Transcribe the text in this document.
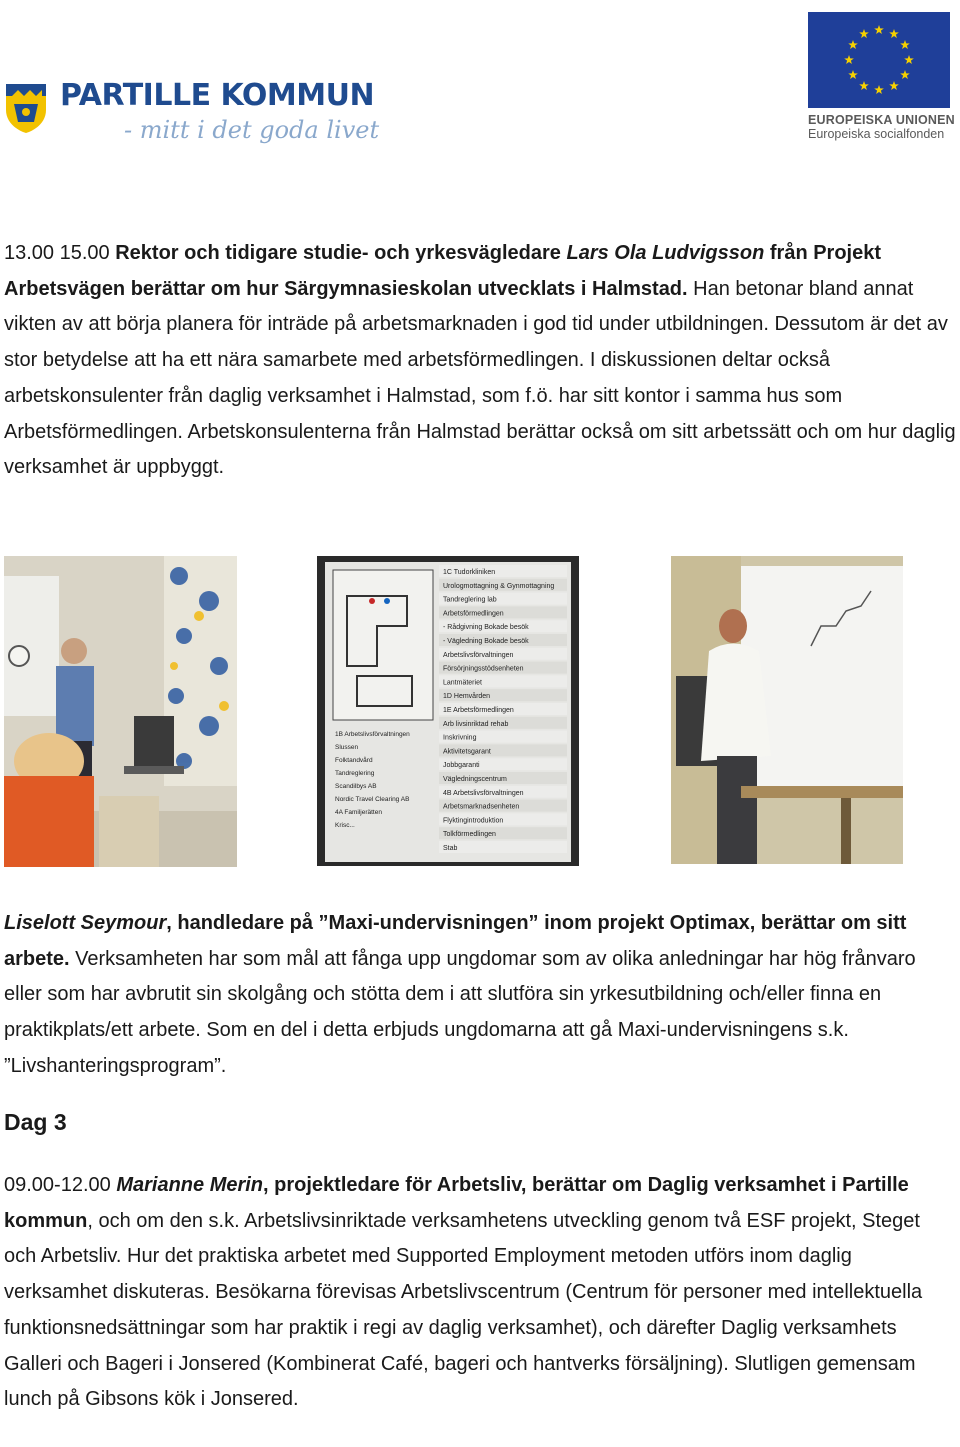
PARTILLE KOMMUN
- mitt i det goda livet	EUROPEISKA UNIONEN
Europeiska socialfonden
13.00 15.00 Rektor och tidigare studie- och yrkesvägledare Lars Ola Ludvigsson från Projekt Arbetsvägen berättar om hur Särgymnasieskolan utvecklats i Halmstad. Han betonar bland annat vikten av att börja planera för inträde på arbetsmarknaden i god tid under utbildningen. Dessutom är det av stor betydelse att ha ett nära samarbete med arbetsförmedlingen. I diskussionen deltar också arbetskonsulenter från daglig verksamhet i Halmstad, som f.ö. har sitt kontor i samma hus som Arbetsförmedlingen. Arbetskonsulenterna från Halmstad berättar också om sitt arbetssätt och om hur daglig verksamhet är uppbyggt.
1C Tudorkliniken
Urologmottagning & Gynmottagning
Tandreglering lab
Arbetsförmedlingen
- Rådgivning Bokade besök
- Vägledning Bokade besök
Arbetslivsförvaltningen
Försörjningsstödsenheten
Lantmäteriet
1D Hemvården
1E Arbetsförmedlingen
Arb livsinriktad rehab
Inskrivning
Aktivitetsgarant
Jobbgaranti
Vägledningscentrum
4B Arbetslivsförvaltningen
Arbetsmarknadsenheten
Flyktingintroduktion
Tolkförmedlingen
Stab
1B Arbetslivsförvaltningen
Slussen
Folktandvård
Tandreglering
Scandilbys AB
Nordic Travel Clearing AB
4A Familjerätten
Krisc...
Liselott Seymour, handledare på ”Maxi-undervisningen” inom projekt Optimax, berättar om sitt arbete. Verksamheten har som mål att fånga upp ungdomar som av olika anledningar har hög frånvaro eller som har avbrutit sin skolgång och stötta dem i att slutföra sin yrkesutbildning och/eller finna en praktikplats/ett arbete. Som en del i detta erbjuds ungdomarna att gå Maxi-undervisningens s.k. ”Livshanteringsprogram”.
Dag 3
09.00-12.00 Marianne Merin, projektledare för Arbetsliv, berättar om Daglig verksamhet i Partille kommun, och om den s.k. Arbetslivsinriktade verksamhetens utveckling genom två ESF projekt, Steget och Arbetsliv. Hur det praktiska arbetet med Supported Employment metoden utförs inom daglig verksamhet diskuteras. Besökarna förevisas Arbetslivscentrum (Centrum för personer med intellektuella funktionsnedsättningar som har praktik i regi av daglig verksamhet), och därefter Daglig verksamhets Galleri och Bageri i Jonsered (Kombinerat Café, bageri och hantverks försäljning). Slutligen gemensam lunch på Gibsons kök i Jonsered.
